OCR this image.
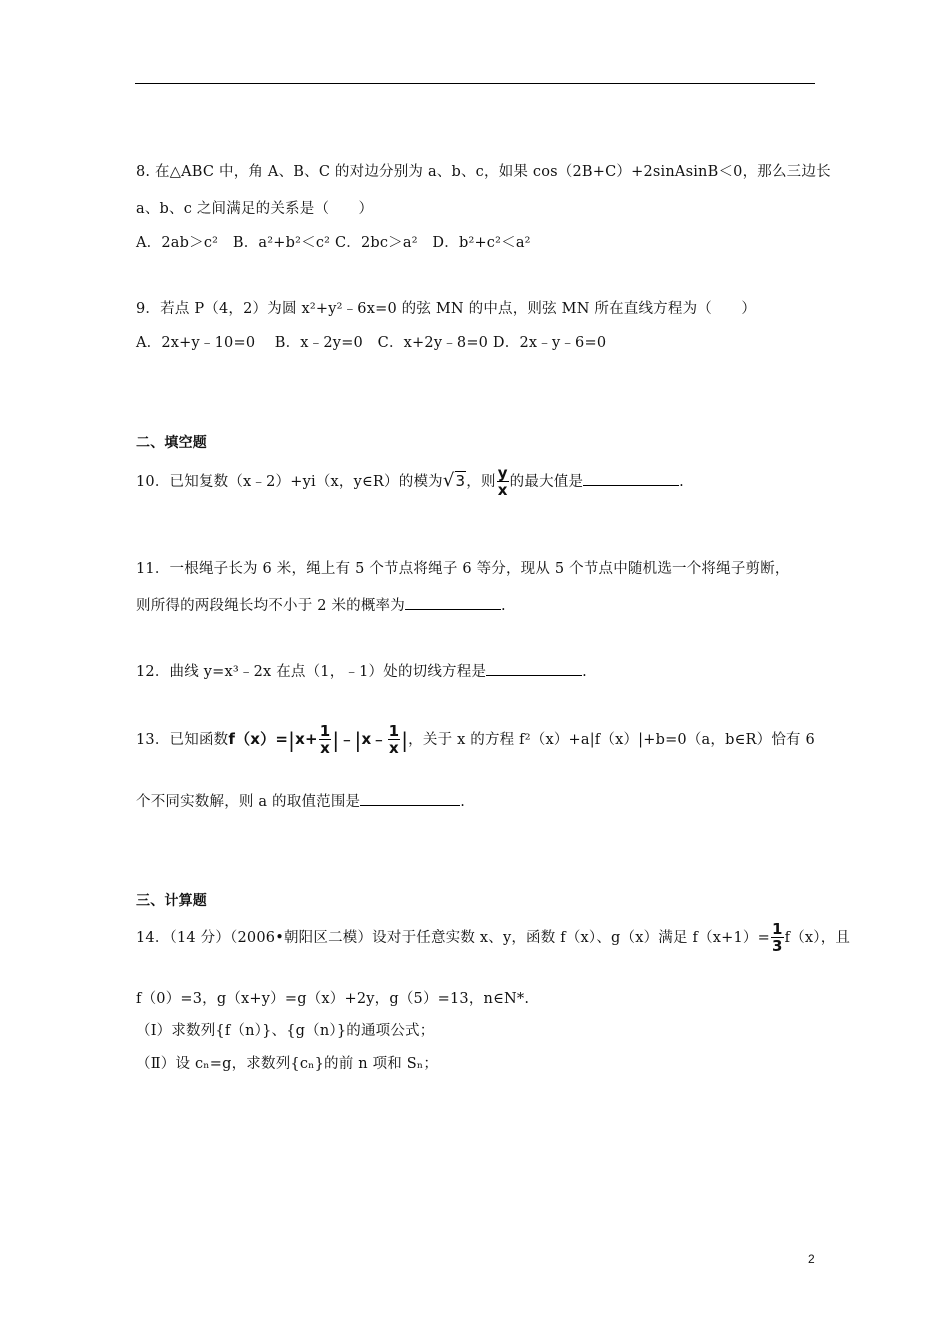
8. 在△ABC 中，角 A、B、C 的对边分别为 a、b、c，如果 cos（2B+C）+2sinAsinB＜0，那么三边长
a、b、c 之间满足的关系是（　　）
A．2ab＞c²　B．a²+b²＜c² C．2bc＞a²　D．b²+c²＜a²
9．若点 P（4，2）为圆 x²+y²﹣6x=0 的弦 MN 的中点，则弦 MN 所在直线方程为（　　）
A．2x+y﹣10=0　 B．x﹣2y=0　C．x+2y﹣8=0 D．2x﹣y﹣6=0
二、填空题
10．已知复数（x﹣2）+yi（x，y∈R）的模为√3，则 $\frac{y}{x}$ 的最大值是	.
11．一根绳子长为 6 米，绳上有 5 个节点将绳子 6 等分，现从 5 个节点中随机选一个将绳子剪断，
则所得的两段绳长均不小于 2 米的概率为	.
12．曲线 y=x³﹣2x 在点（1，﹣1）处的切线方程是	.
13．已知函数$f(x)=|x+ \frac{1}{x}$ |﹣|x﹣ $\frac{1}{x}$ |，关于 x 的方程 f²（x）+a|f（x）|+b=0（a，b∈R）恰有 6
个不同实数解，则 a 的取值范围是	.
三、计算题
14．（14 分）（2006•朝阳区二模）设对于任意实数 x、y，函数 f（x）、g（x）满足 $f(x+1)= \frac{1}{3} f(x)$，且
f（0）=3，g（x+y）=g（x）+2y，g（5）=13，n∈N*.
（Ⅰ）求数列{f（n）}、{g（n）}的通项公式；
（Ⅱ）设 cₙ=g，求数列{cₙ}的前 n 项和 Sₙ；
2
